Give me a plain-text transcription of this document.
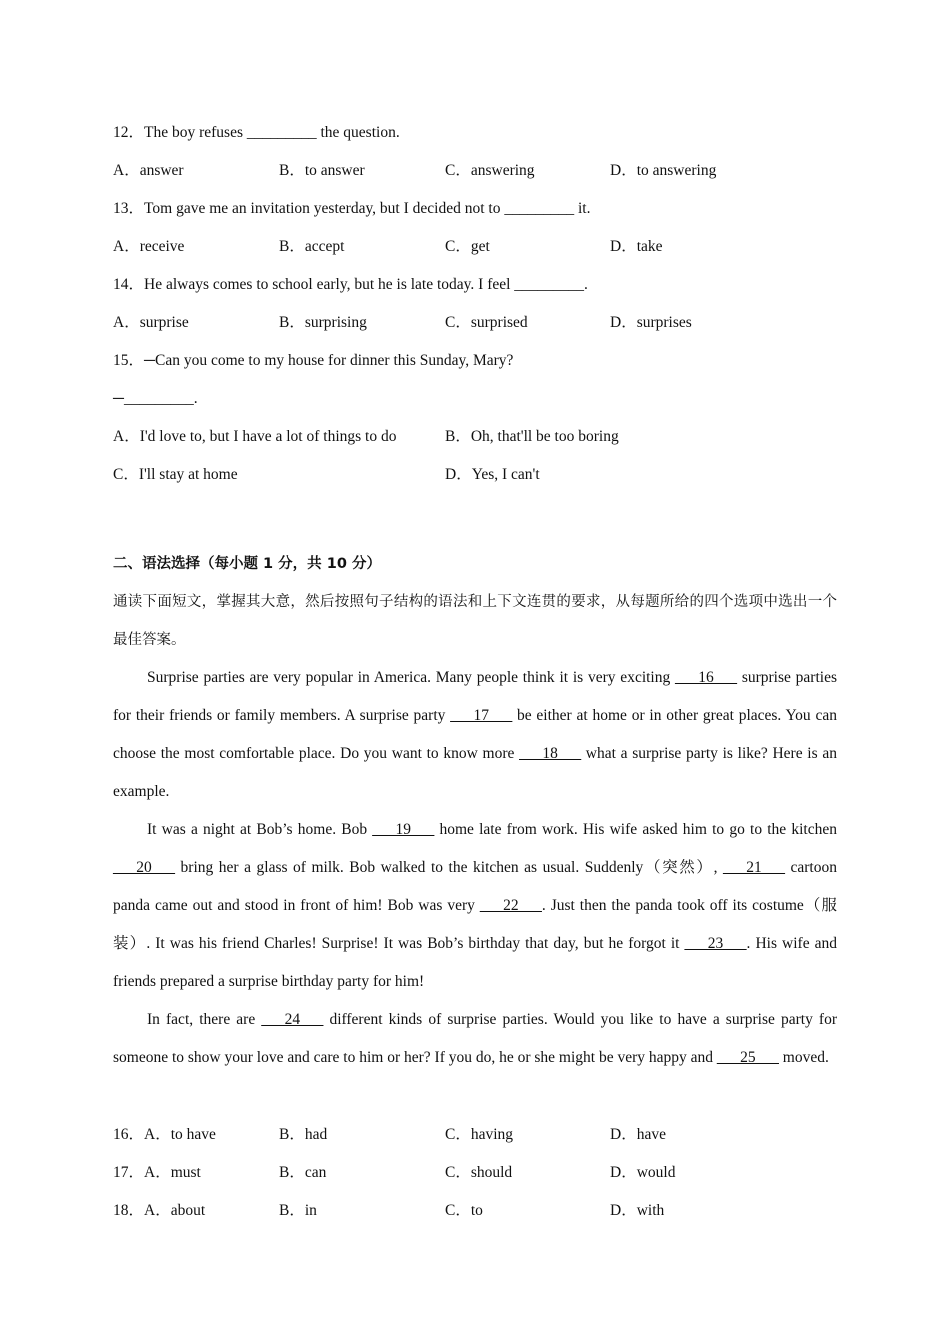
12．The boy refuses _________ the question.
A．answer	B．to answer	C．answering	D．to answering
13．Tom gave me an invitation yesterday, but I decided not to _________ it.
A．receive	B．accept	C．get	D．take
14．He always comes to school early, but he is late today. I feel _________.
A．surprise	B．surprising	C．surprised	D．surprises
15．─Can you come to my house for dinner this Sunday, Mary?
─_________.
A．I'd love to, but I have a lot of things to do	B．Oh, that'll be too boring
C．I'll stay at home	D．Yes, I can't
二、语法选择（每小题 1 分，共 10 分）
通读下面短文，掌握其大意，然后按照句子结构的语法和上下文连贯的要求，从每题所给的四个选项中选出一个最佳答案。
Surprise parties are very popular in America. Many people think it is very exciting ___16___ surprise parties for their friends or family members. A surprise party ___17___ be either at home or in other great places. You can choose the most comfortable place. Do you want to know more ___18___ what a surprise party is like? Here is an example.
It was a night at Bob’s home. Bob ___19___ home late from work. His wife asked him to go to the kitchen ___20___ bring her a glass of milk. Bob walked to the kitchen as usual. Suddenly（突然）, ___21___ cartoon panda came out and stood in front of him! Bob was very ___22___. Just then the panda took off its costume（服装）. It was his friend Charles! Surprise! It was Bob’s birthday that day, but he forgot it ___23___. His wife and friends prepared a surprise birthday party for him!
In fact, there are ___24___ different kinds of surprise parties. Would you like to have a surprise party for someone to show your love and care to him or her? If you do, he or she might be very happy and ___25___ moved.
16．A．to have	B．had	C．having	D．have
17．A．must	B．can	C．should	D．would
18．A．about	B．in	C．to	D．with
